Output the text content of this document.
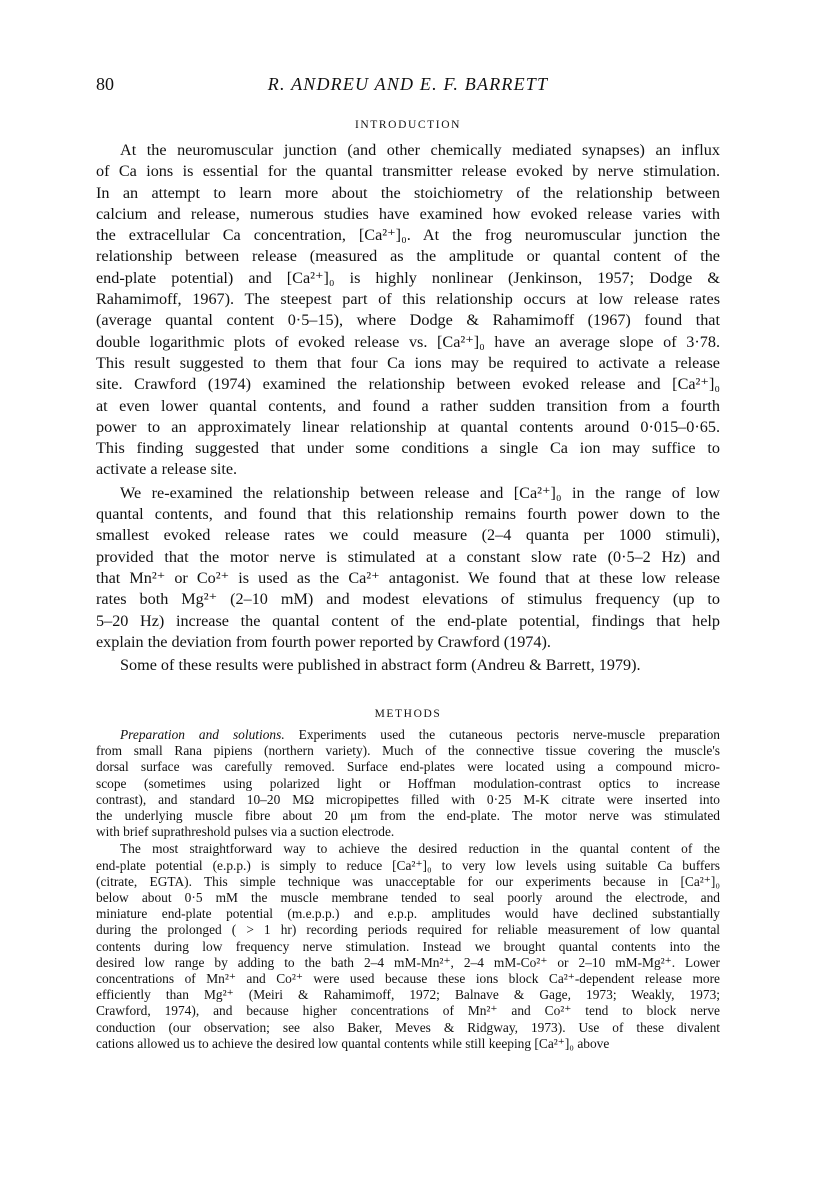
80	R. ANDREU AND E. F. BARRETT
INTRODUCTION

At the neuromuscular junction (and other chemically mediated synapses) an influx
of Ca ions is essential for the quantal transmitter release evoked by nerve stimulation.
In an attempt to learn more about the stoichiometry of the relationship between
calcium and release, numerous studies have examined how evoked release varies with
the extracellular Ca concentration, [Ca²⁺]₀. At the frog neuromuscular junction the
relationship between release (measured as the amplitude or quantal content of the
end-plate potential) and [Ca²⁺]₀ is highly nonlinear (Jenkinson, 1957; Dodge &
Rahamimoff, 1967). The steepest part of this relationship occurs at low release rates
(average quantal content 0·5–15), where Dodge & Rahamimoff (1967) found that
double logarithmic plots of evoked release vs. [Ca²⁺]₀ have an average slope of 3·78.
This result suggested to them that four Ca ions may be required to activate a release
site. Crawford (1974) examined the relationship between evoked release and [Ca²⁺]₀
at even lower quantal contents, and found a rather sudden transition from a fourth
power to an approximately linear relationship at quantal contents around 0·015–0·65.
This finding suggested that under some conditions a single Ca ion may suffice to
activate a release site.

We re-examined the relationship between release and [Ca²⁺]₀ in the range of low
quantal contents, and found that this relationship remains fourth power down to the
smallest evoked release rates we could measure (2–4 quanta per 1000 stimuli),
provided that the motor nerve is stimulated at a constant slow rate (0·5–2 Hz) and
that Mn²⁺ or Co²⁺ is used as the Ca²⁺ antagonist. We found that at these low release
rates both Mg²⁺ (2–10 mM) and modest elevations of stimulus frequency (up to
5–20 Hz) increase the quantal content of the end-plate potential, findings that help
explain the deviation from fourth power reported by Crawford (1974).

Some of these results were published in abstract form (Andreu & Barrett, 1979).

METHODS

Preparation and solutions. Experiments used the cutaneous pectoris nerve-muscle preparation
from small Rana pipiens (northern variety). Much of the connective tissue covering the muscle's
dorsal surface was carefully removed. Surface end-plates were located using a compound micro-
scope (sometimes using polarized light or Hoffman modulation-contrast optics to increase
contrast), and standard 10–20 MΩ micropipettes filled with 0·25 M-K citrate were inserted into
the underlying muscle fibre about 20 μm from the end-plate. The motor nerve was stimulated
with brief suprathreshold pulses via a suction electrode.

The most straightforward way to achieve the desired reduction in the quantal content of the
end-plate potential (e.p.p.) is simply to reduce [Ca²⁺]₀ to very low levels using suitable Ca buffers
(citrate, EGTA). This simple technique was unacceptable for our experiments because in [Ca²⁺]₀
below about 0·5 mM the muscle membrane tended to seal poorly around the electrode, and
miniature end-plate potential (m.e.p.p.) and e.p.p. amplitudes would have declined substantially
during the prolonged ( > 1 hr) recording periods required for reliable measurement of low quantal
contents during low frequency nerve stimulation. Instead we brought quantal contents into the
desired low range by adding to the bath 2–4 mM-Mn²⁺, 2–4 mM-Co²⁺ or 2–10 mM-Mg²⁺. Lower
concentrations of Mn²⁺ and Co²⁺ were used because these ions block Ca²⁺-dependent release more
efficiently than Mg²⁺ (Meiri & Rahamimoff, 1972; Balnave & Gage, 1973; Weakly, 1973;
Crawford, 1974), and because higher concentrations of Mn²⁺ and Co²⁺ tend to block nerve
conduction (our observation; see also Baker, Meves & Ridgway, 1973). Use of these divalent
cations allowed us to achieve the desired low quantal contents while still keeping [Ca²⁺]₀ above
